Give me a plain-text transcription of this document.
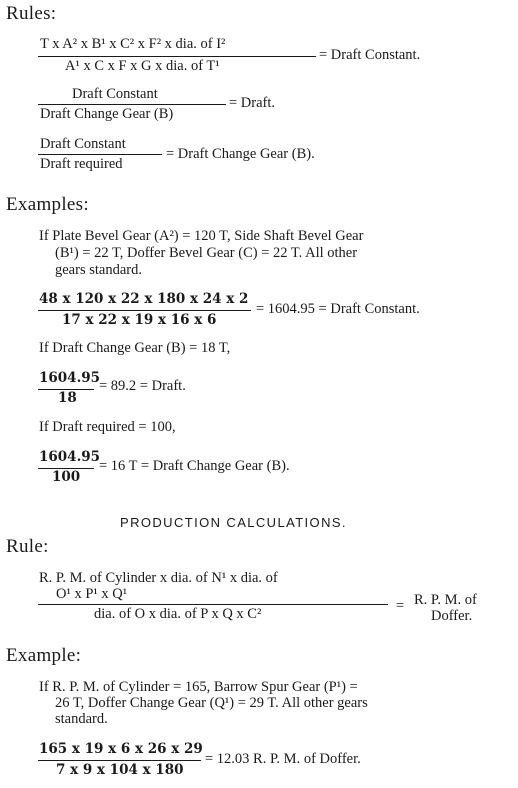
Rules:
T x A² x B¹ x C² x F² x dia. of I²
A¹ x C x F x G x dia. of T¹
= Draft Constant.
Draft Constant
Draft Change Gear (B)
= Draft.
Draft Constant
Draft required
= Draft Change Gear (B).
Examples:
If Plate Bevel Gear (A²) = 120 T, Side Shaft Bevel Gear
(B¹) = 22 T, Doffer Bevel Gear (C) = 22 T. All other
gears standard.
48 x 120 x 22 x 180 x 24 x 2
17 x 22 x 19 x 16 x 6
= 1604.95 = Draft Constant.
If Draft Change Gear (B) = 18 T,
1604.95
18
= 89.2 = Draft.
If Draft required = 100,
1604.95
100
= 16 T = Draft Change Gear (B).
PRODUCTION CALCULATIONS.
Rule:
R. P. M. of Cylinder x dia. of N¹ x dia. of
O¹ x P¹ x Q¹
dia. of O x dia. of P x Q x C²	= R. P. M. of
Doffer.
Example:
If R. P. M. of Cylinder = 165, Barrow Spur Gear (P¹) =
26 T, Doffer Change Gear (Q¹) = 29 T. All other gears
standard.
165 x 19 x 6 x 26 x 29
7 x 9 x 104 x 180
= 12.03 R. P. M. of Doffer.
